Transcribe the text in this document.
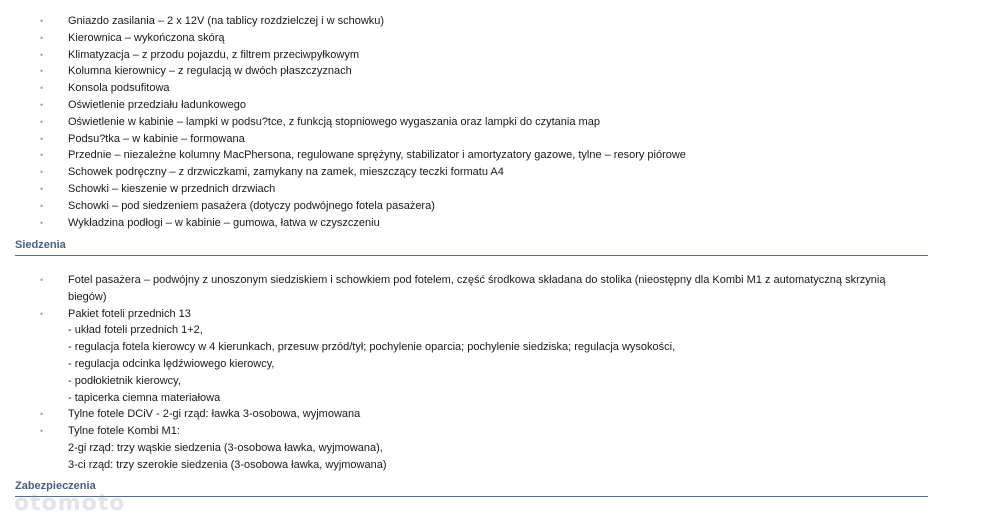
• Gniazdo zasilania – 2 x 12V (na tablicy rozdzielczej i w schowku)
• Kierownica – wykończona skórą
• Klimatyzacja – z przodu pojazdu, z filtrem przeciwpyłkowym
• Kolumna kierownicy – z regulacją w dwóch płaszczyznach
• Konsola podsufitowa
• Oświetlenie przedziału ładunkowego
• Oświetlenie w kabinie – lampki w podsu?tce, z funkcją stopniowego wygaszania oraz lampki do czytania map
• Podsu?tka – w kabinie – formowana
• Przednie – niezależne kolumny MacPhersona, regulowane sprężyny, stabilizator i amortyzatory gazowe, tylne – resory piórowe
• Schowek podręczny – z drzwiczkami, zamykany na zamek, mieszczący teczki formatu A4
• Schowki – kieszenie w przednich drzwiach
• Schowki – pod siedzeniem pasażera (dotyczy podwójnego fotela pasażera)
• Wykładzina podłogi – w kabinie – gumowa, łatwa w czyszczeniu
Siedzenia
• Fotel pasażera – podwójny z unoszonym siedziskiem i schowkiem pod fotelem, część środkowa składana do stolika (nieostępny dla Kombi M1 z automatyczną skrzynią
biegów)
• Pakiet foteli przednich 13
- układ foteli przednich 1+2,
- regulacja fotela kierowcy w 4 kierunkach, przesuw przód/tył; pochylenie oparcia; pochylenie siedziska; regulacja wysokości,
- regulacja odcinka lędźwiowego kierowcy,
- podłokietnik kierowcy,
- tapicerka ciemna materiałowa
• Tylne fotele DCiV - 2-gi rząd: ławka 3-osobowa, wyjmowana
• Tylne fotele Kombi M1:
2-gi rząd: trzy wąskie siedzenia (3-osobowa ławka, wyjmowana),
3-ci rząd: trzy szerokie siedzenia (3-osobowa ławka, wyjmowana)
Zabezpieczenia
otomoto
